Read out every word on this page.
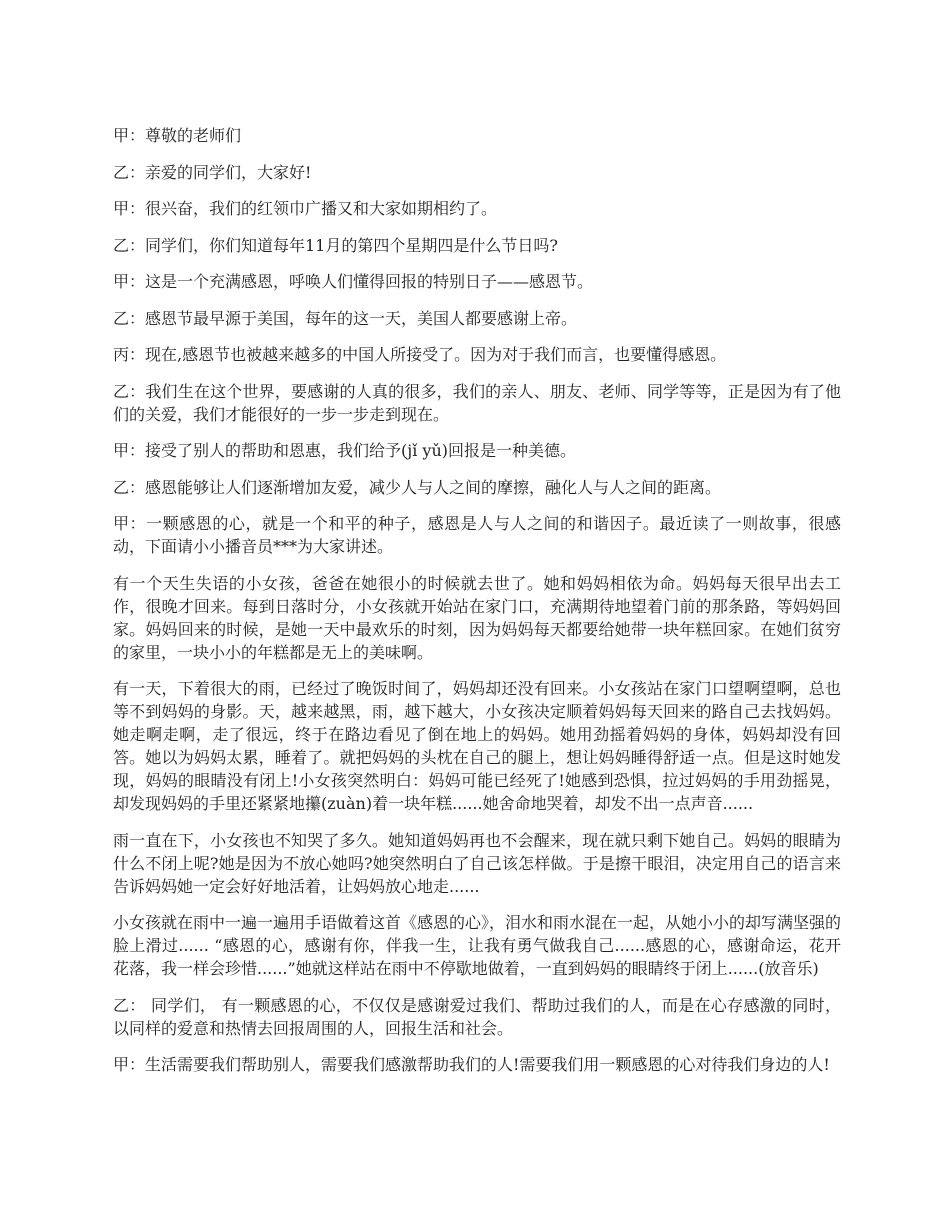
甲：尊敬的老师们

乙：亲爱的同学们，大家好!

甲：很兴奋，我们的红领巾广播又和大家如期相约了。

乙：同学们，你们知道每年11月的第四个星期四是什么节日吗?

甲：这是一个充满感恩，呼唤人们懂得回报的特别日子——感恩节。

乙：感恩节最早源于美国，每年的这一天，美国人都要感谢上帝。

丙：现在,感恩节也被越来越多的中国人所接受了。因为对于我们而言，也要懂得感恩。

乙：我们生在这个世界，要感谢的人真的很多，我们的亲人、朋友、老师、同学等等，正是因为有了他们的关爱，我们才能很好的一步一步走到现在。

甲：接受了别人的帮助和恩惠，我们给予(jǐ yǔ)回报是一种美德。

乙：感恩能够让人们逐渐增加友爱，减少人与人之间的摩擦，融化人与人之间的距离。

甲：一颗感恩的心，就是一个和平的种子，感恩是人与人之间的和谐因子。最近读了一则故事，很感动，下面请小小播音员***为大家讲述。

有一个天生失语的小女孩，爸爸在她很小的时候就去世了。她和妈妈相依为命。妈妈每天很早出去工作，很晚才回来。每到日落时分，小女孩就开始站在家门口，充满期待地望着门前的那条路，等妈妈回家。妈妈回来的时候，是她一天中最欢乐的时刻，因为妈妈每天都要给她带一块年糕回家。在她们贫穷的家里，一块小小的年糕都是无上的美味啊。

有一天，下着很大的雨，已经过了晚饭时间了，妈妈却还没有回来。小女孩站在家门口望啊望啊，总也等不到妈妈的身影。天，越来越黑，雨，越下越大，小女孩决定顺着妈妈每天回来的路自己去找妈妈。她走啊走啊，走了很远，终于在路边看见了倒在地上的妈妈。她用劲摇着妈妈的身体，妈妈却没有回答。她以为妈妈太累，睡着了。就把妈妈的头枕在自己的腿上，想让妈妈睡得舒适一点。但是这时她发现，妈妈的眼睛没有闭上!小女孩突然明白：妈妈可能已经死了!她感到恐惧，拉过妈妈的手用劲摇晃，却发现妈妈的手里还紧紧地攥(zuàn)着一块年糕......她舍命地哭着，却发不出一点声音......

雨一直在下，小女孩也不知哭了多久。她知道妈妈再也不会醒来，现在就只剩下她自己。妈妈的眼睛为什么不闭上呢?她是因为不放心她吗?她突然明白了自己该怎样做。于是擦干眼泪，决定用自己的语言来告诉妈妈她一定会好好地活着，让妈妈放心地走......

小女孩就在雨中一遍一遍用手语做着这首《感恩的心》，泪水和雨水混在一起，从她小小的却写满坚强的脸上滑过...... “感恩的心，感谢有你，伴我一生，让我有勇气做我自己......感恩的心，感谢命运，花开花落，我一样会珍惜......”她就这样站在雨中不停歇地做着，一直到妈妈的眼睛终于闭上......(放音乐)

乙： 同学们， 有一颗感恩的心，不仅仅是感谢爱过我们、帮助过我们的人，而是在心存感激的同时，以同样的爱意和热情去回报周围的人，回报生活和社会。

甲：生活需要我们帮助别人，需要我们感激帮助我们的人!需要我们用一颗感恩的心对待我们身边的人!
